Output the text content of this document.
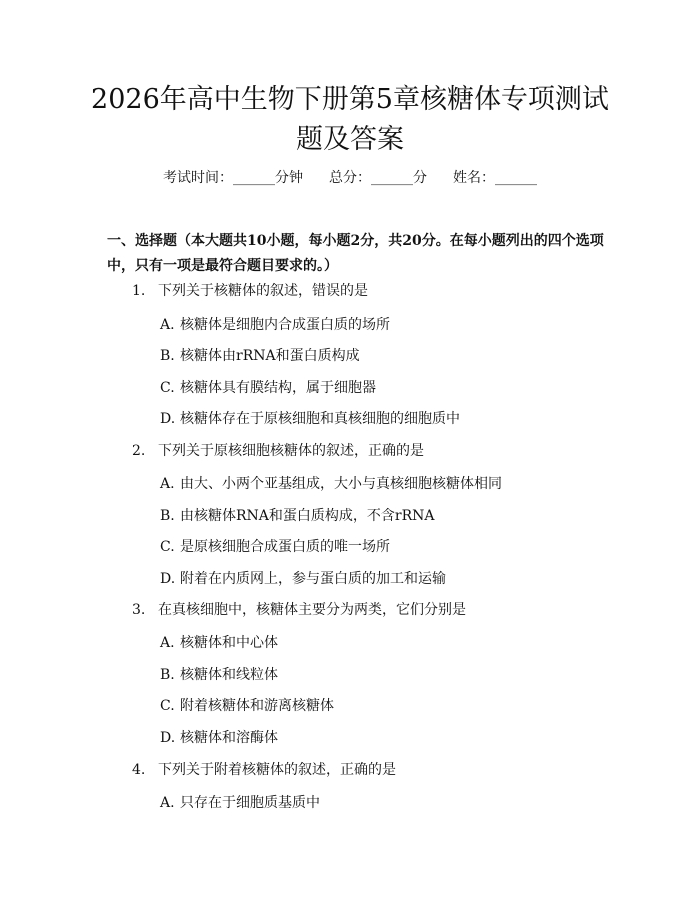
2026年高中生物下册第5章核糖体专项测试题及答案
考试时间：______分钟 总分：______分 姓名：______

一、选择题（本大题共10小题，每小题2分，共20分。在每小题列出的四个选项中，只有一项是最符合题目要求的。）

1. 下列关于核糖体的叙述，错误的是
A. 核糖体是细胞内合成蛋白质的场所
B. 核糖体由rRNA和蛋白质构成
C. 核糖体具有膜结构，属于细胞器
D. 核糖体存在于原核细胞和真核细胞的细胞质中
2. 下列关于原核细胞核糖体的叙述，正确的是
A. 由大、小两个亚基组成，大小与真核细胞核糖体相同
B. 由核糖体RNA和蛋白质构成，不含rRNA
C. 是原核细胞合成蛋白质的唯一场所
D. 附着在内质网上，参与蛋白质的加工和运输
3. 在真核细胞中，核糖体主要分为两类，它们分别是
A. 核糖体和中心体
B. 核糖体和线粒体
C. 附着核糖体和游离核糖体
D. 核糖体和溶酶体
4. 下列关于附着核糖体的叙述，正确的是
A. 只存在于细胞质基质中
